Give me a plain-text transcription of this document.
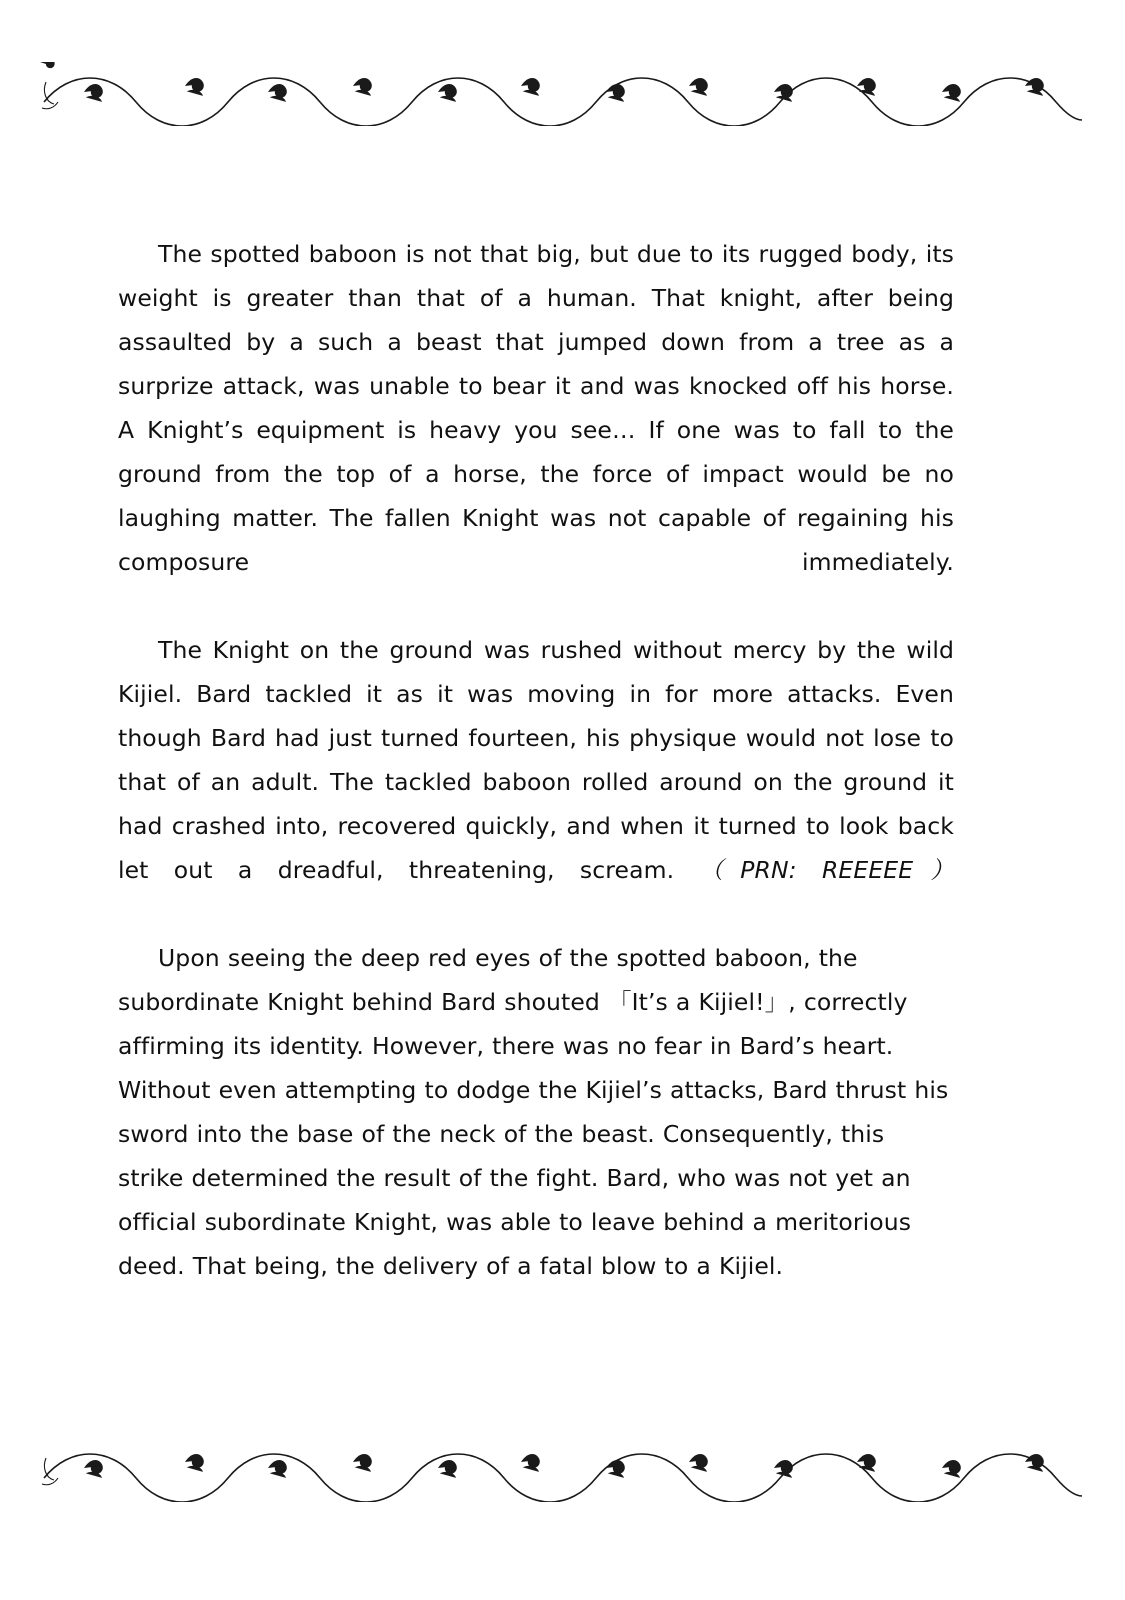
The spotted baboon is not that big, but due to its rugged body, its weight is greater than that of a human. That knight, after being assaulted by a such a beast that jumped down from a tree as a surprize attack, was unable to bear it and was knocked off his horse. A Knight’s equipment is heavy you see… If one was to fall to the ground from the top of a horse, the force of impact would be no laughing matter. The fallen Knight was not capable of regaining his composure immediately.

The Knight on the ground was rushed without mercy by the wild Kijiel. Bard tackled it as it was moving in for more attacks. Even though Bard had just turned fourteen, his physique would not lose to that of an adult. The tackled baboon rolled around on the ground it had crashed into, recovered quickly, and when it turned to look back let out a dreadful, threatening, scream. （PRN: REEEEE）

Upon seeing the deep red eyes of the spotted baboon, the subordinate Knight behind Bard shouted 「It’s a Kijiel!」, correctly affirming its identity. However, there was no fear in Bard’s heart. Without even attempting to dodge the Kijiel’s attacks, Bard thrust his sword into the base of the neck of the beast. Consequently, this strike determined the result of the fight. Bard, who was not yet an official subordinate Knight, was able to leave behind a meritorious deed. That being, the delivery of a fatal blow to a Kijiel.
